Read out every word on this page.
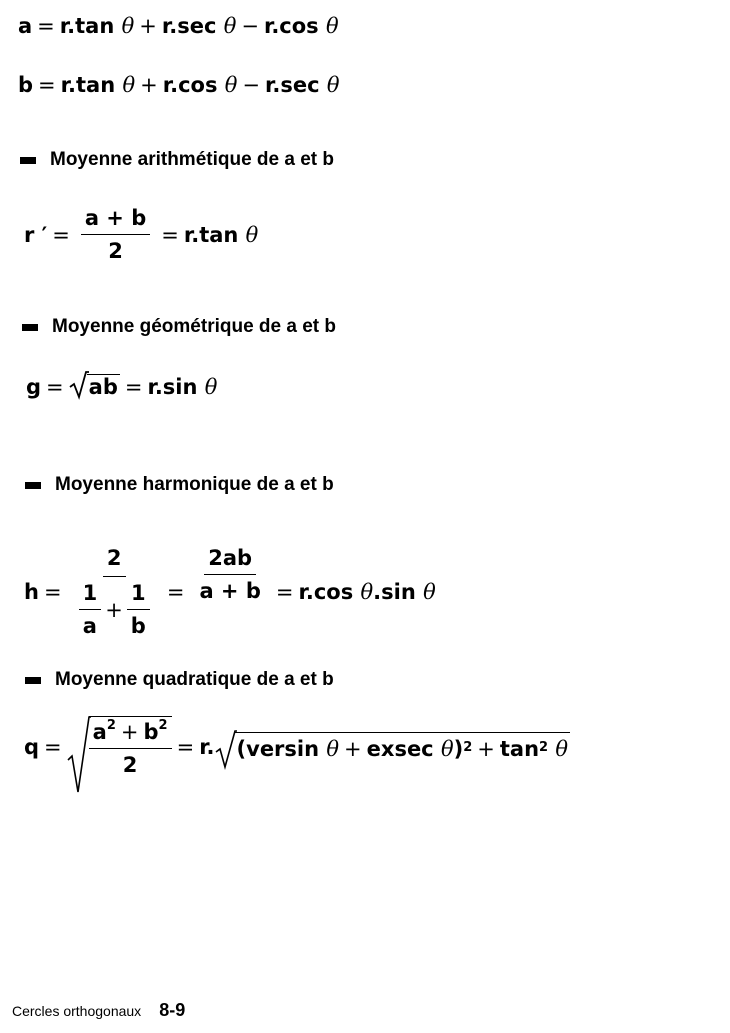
a = r.tan
θ + r.sec
θ − r.cos
θ
b = r.tan
θ + r.cos
θ − r.sec
θ
Moyenne arithmétique de a et b
r ′ = $\frac{a + b}{2} = r.\tan$
θ
Moyenne géométrique de a et b
g = ab = r.sin
θ
Moyenne harmonique de a et b
$h = \frac{2}{\frac{1}{a} + \frac{1}{b}} = \frac{2ab}{a + b} = r.\cos$
θ .sin
θ
Moyenne quadratique de a et b
$q = \frac{a^2 + b^2}{2} = r$. (versin
θ + exsec
θ )$^2 + \tan^2$
θ
Cercles orthogonaux 8-9
